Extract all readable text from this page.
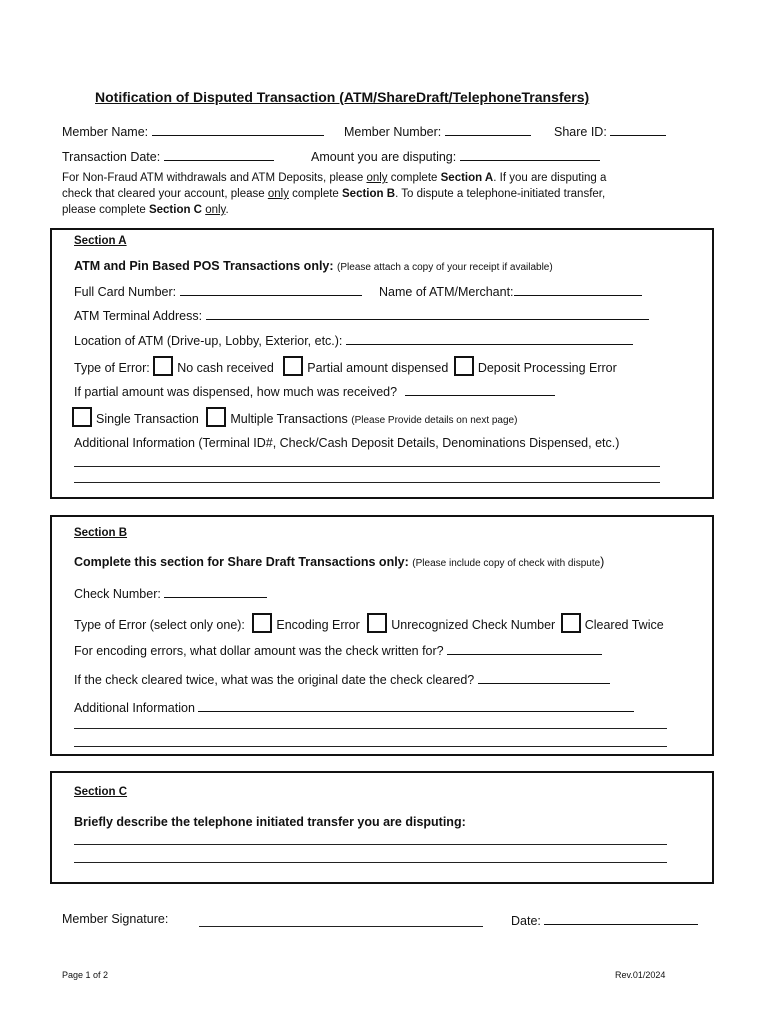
Notification of Disputed Transaction (ATM/ShareDraft/TelephoneTransfers)
Member Name:	Member Number:	Share ID:
Transaction Date:	Amount you are disputing:
For Non-Fraud ATM withdrawals and ATM Deposits, please only complete Section A. If you are disputing a
check that cleared your account, please only complete Section B. To dispute a telephone-initiated transfer,
please complete Section C only.
Section A
ATM and Pin Based POS Transactions only: (Please attach a copy of your receipt if available)
Full Card Number:	Name of ATM/Merchant:
ATM Terminal Address:
Location of ATM (Drive-up, Lobby, Exterior, etc.):
Type of Error: No cash received	Partial amount dispensed Deposit Processing Error
If partial amount was dispensed, how much was received?
Single Transaction	Multiple Transactions (Please Provide details on next page)
Additional Information (Terminal ID#, Check/Cash Deposit Details, Denominations Dispensed, etc.)
Section B
Complete this section for Share Draft Transactions only: (Please include copy of check with dispute)
Check Number:
Type of Error (select only one):	Encoding Error	Unrecognized Check Number Cleared Twice
For encoding errors, what dollar amount was the check written for?
If the check cleared twice, what was the original date the check cleared?
Additional Information
Section C
Briefly describe the telephone initiated transfer you are disputing:
Member Signature:	Date:
Page 1 of 2	Rev.01/2024
